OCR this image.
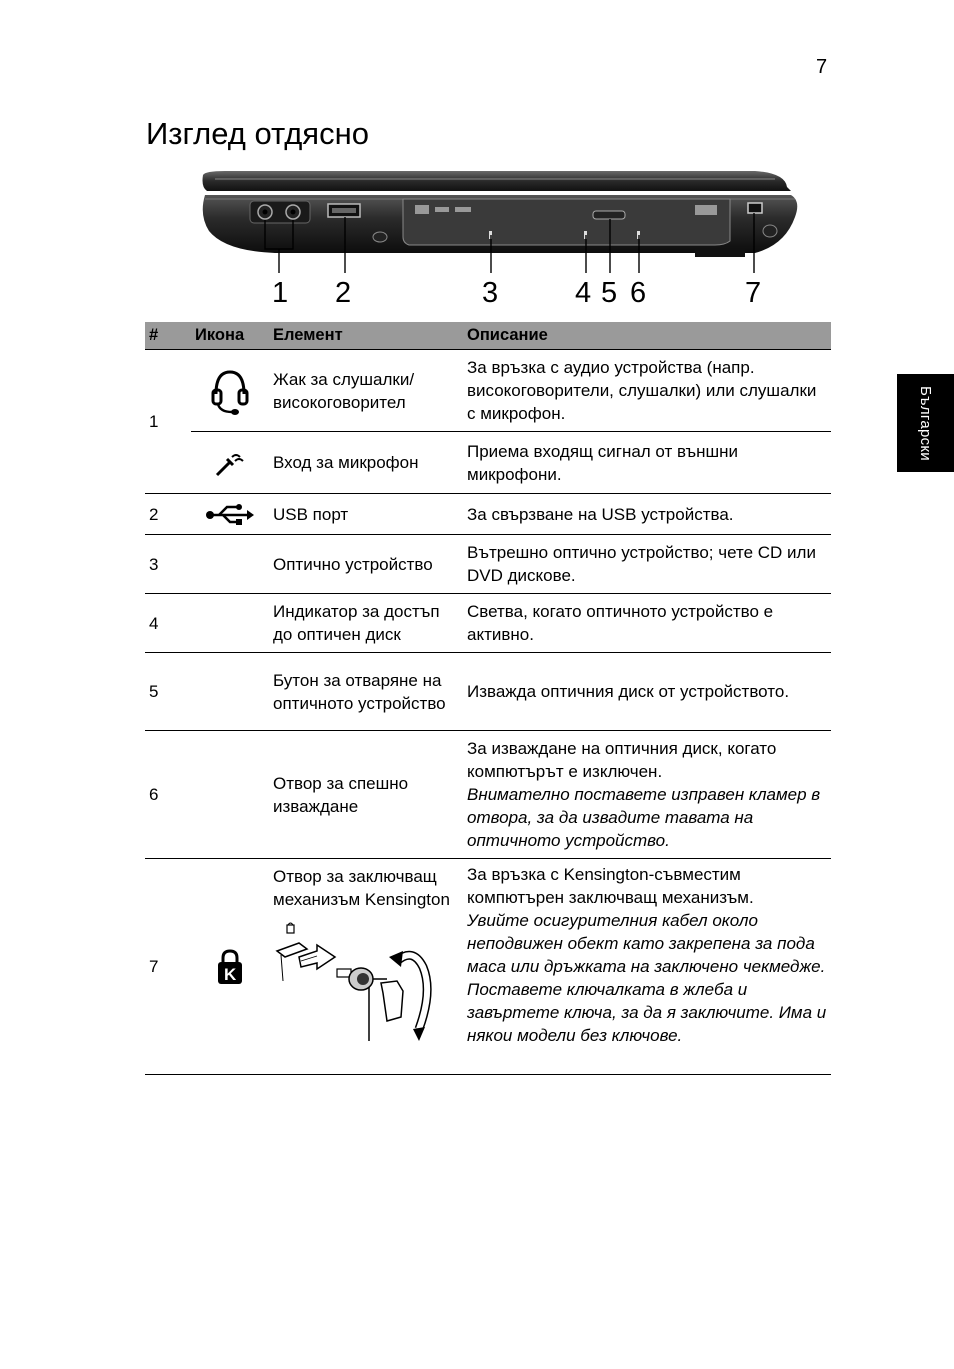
7
Изглед отдясно
Български
1 2	3	4 5 6	7
#	Икона	Елемент	Описание
1		Жак за слушалки/ високоговорител	За връзка с аудио устройства (напр. високоговорители, слушалки) или слушалки с микрофон.

	Вход за микрофон	Приема входящ сигнал от външни микрофони.
2		USB порт	За свързване на USB устройства.
3		Оптично устройство	Вътрешно оптично устройство; чете CD или DVD дискове.
4		Индикатор за достъп до оптичен диск	Светва, когато оптичното устройство е активно.
5		Бутон за отваряне на оптичното устройство	Изважда оптичния диск от устройството.
6		Отвор за спешно изваждане	За изваждане на оптичния диск, когато компютърът е изключен.
Внимателно поставете изправен кламер в отвора, за да извадите тавата на оптичното устройство.

7	K	Отвор за заключващ механизъм Kensington	За връзка с Kensington-съвместим компютърен заключващ механизъм.
Увийте осигурителния кабел около неподвижен обект като закрепена за пода маса или дръжката на заключено чекмедже.
Поставете ключалката в жлеба и завъртете ключа, за да я заключите. Има и някои модели без ключове.
